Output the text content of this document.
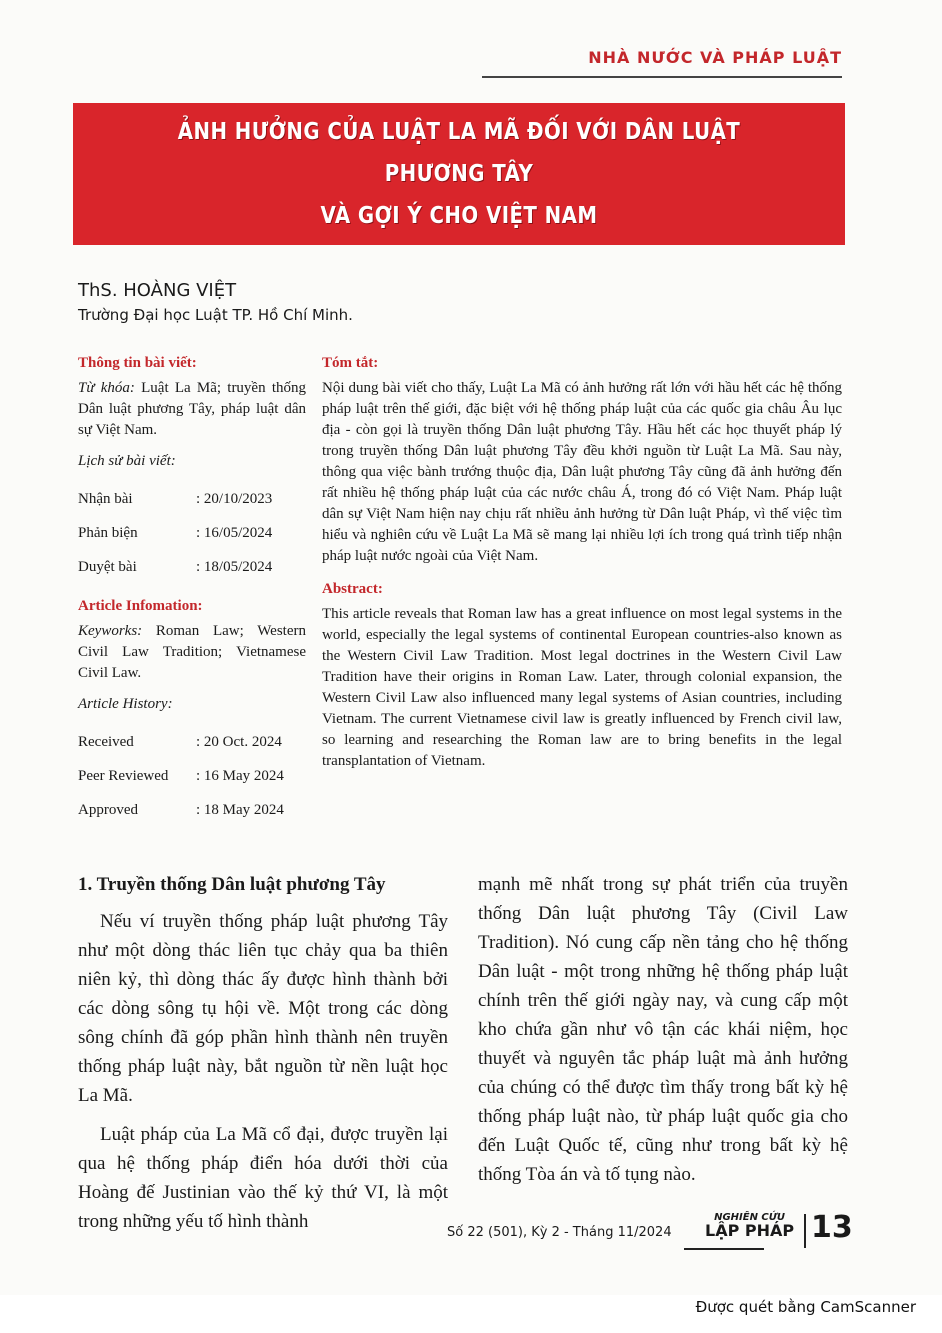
NHÀ NƯỚC VÀ PHÁP LUẬT
ẢNH HƯỞNG CỦA LUẬT LA MÃ ĐỐI VỚI DÂN LUẬT PHƯƠNG TÂY
VÀ GỢI Ý CHO VIỆT NAM
ThS. HOÀNG VIỆT
Trường Đại học Luật TP. Hồ Chí Minh.
Thông tin bài viết:
Từ khóa: Luật La Mã; truyền thống Dân luật phương Tây, pháp luật dân sự Việt Nam.
Lịch sử bài viết:
Nhận bài	: 20/10/2023
Phản biện	: 16/05/2024
Duyệt bài	: 18/05/2024
Article Infomation:
Keyworks: Roman Law; Western Civil Law Tradition; Vietnamese Civil Law.
Article History:
Received	: 20 Oct. 2024
Peer Reviewed	: 16 May 2024
Approved	: 18 May 2024
Tóm tắt:

Nội dung bài viết cho thấy, Luật La Mã có ảnh hưởng rất lớn với hầu hết các hệ thống pháp luật trên thế giới, đặc biệt với hệ thống pháp luật của các quốc gia châu Âu lục địa - còn gọi là truyền thống Dân luật phương Tây. Hầu hết các học thuyết pháp lý trong truyền thống Dân luật phương Tây đều khởi nguồn từ Luật La Mã. Sau này, thông qua việc bành trướng thuộc địa, Dân luật phương Tây cũng đã ảnh hưởng đến rất nhiều hệ thống pháp luật của các nước châu Á, trong đó có Việt Nam. Pháp luật dân sự Việt Nam hiện nay chịu rất nhiều ảnh hưởng từ Dân luật Pháp, vì thế việc tìm hiểu và nghiên cứu về Luật La Mã sẽ mang lại nhiều lợi ích trong quá trình tiếp nhận pháp luật nước ngoài của Việt Nam.

Abstract:

This article reveals that Roman law has a great influence on most legal systems in the world, especially the legal systems of continental European countries-also known as the Western Civil Law Tradition. Most legal doctrines in the Western Civil Law Tradition have their origins in Roman Law. Later, through colonial expansion, the Western Civil Law also influenced many legal systems of Asian countries, including Vietnam. The current Vietnamese civil law is greatly influenced by French civil law, so learning and researching the Roman law are to bring benefits in the legal transplantation of Vietnam.

1. Truyền thống Dân luật phương Tây

Nếu ví truyền thống pháp luật phương Tây như một dòng thác liên tục chảy qua ba thiên niên kỷ, thì dòng thác ấy được hình thành bởi các dòng sông tụ hội về. Một trong các dòng sông chính đã góp phần hình thành nên truyền thống pháp luật này, bắt nguồn từ nền luật học La Mã.

Luật pháp của La Mã cổ đại, được truyền lại qua hệ thống pháp điển hóa dưới thời của Hoàng đế Justinian vào thế kỷ thứ VI, là một trong những yếu tố hình thành

mạnh mẽ nhất trong sự phát triển của truyền thống Dân luật phương Tây (Civil Law Tradition). Nó cung cấp nền tảng cho hệ thống Dân luật - một trong những hệ thống pháp luật chính trên thế giới ngày nay, và cung cấp một kho chứa gần như vô tận các khái niệm, học thuyết và nguyên tắc pháp luật mà ảnh hưởng của chúng có thể được tìm thấy trong bất kỳ hệ thống pháp luật nào, từ pháp luật quốc gia cho đến Luật Quốc tế, cũng như trong bất kỳ hệ thống Tòa án và tố tụng nào.

Số 22 (501), Kỳ 2 - Tháng 11/2024
NGHIÊN CỨU
LẬP PHÁP 13
Được quét bằng CamScanner
